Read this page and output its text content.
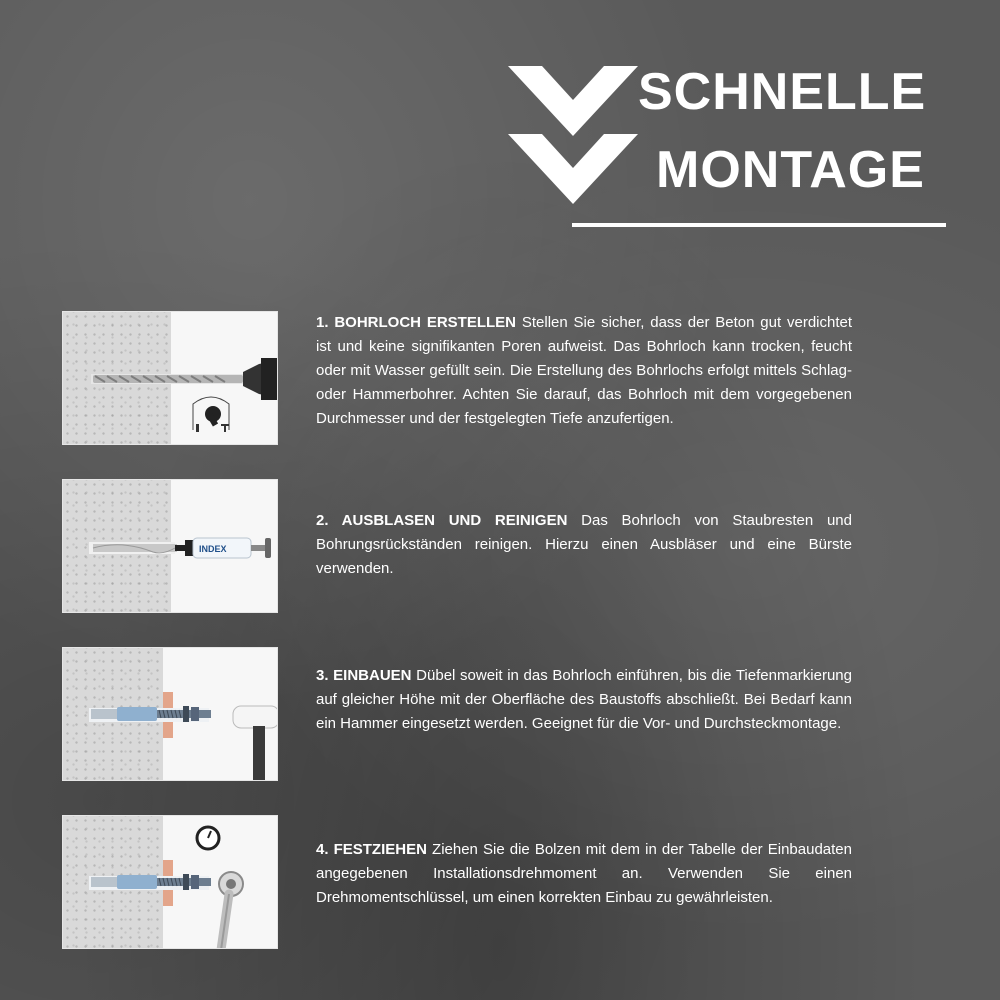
SCHNELLE
MONTAGE
1. BOHRLOCH ERSTELLEN Stellen Sie sicher, dass der Beton gut verdichtet ist und keine signifikanten Poren aufweist. Das Bohrloch kann trocken, feucht oder mit Wasser gefüllt sein. Die Erstellung des Bohrlochs erfolgt mittels Schlag- oder Hammerbohrer. Achten Sie darauf, das Bohrloch mit dem vorgegebenen Durchmesser und der festgelegten Tiefe anzufertigen.
INDEX
2. AUSBLASEN UND REINIGEN Das Bohrloch von Staubresten und Bohrungsrückständen reinigen. Hierzu einen Ausbläser und eine Bürste verwenden.
3. EINBAUEN Dübel soweit in das Bohrloch einführen, bis die Tiefenmarkierung auf gleicher Höhe mit der Oberfläche des Baustoffs abschließt. Bei Bedarf kann ein Hammer eingesetzt werden. Geeignet für die Vor- und Durchsteckmontage.
4. FESTZIEHEN Ziehen Sie die Bolzen mit dem in der Tabelle der Einbaudaten angegebenen Installationsdrehmoment an. Verwenden Sie einen Drehmomentschlüssel, um einen korrekten Einbau zu gewährleisten.
